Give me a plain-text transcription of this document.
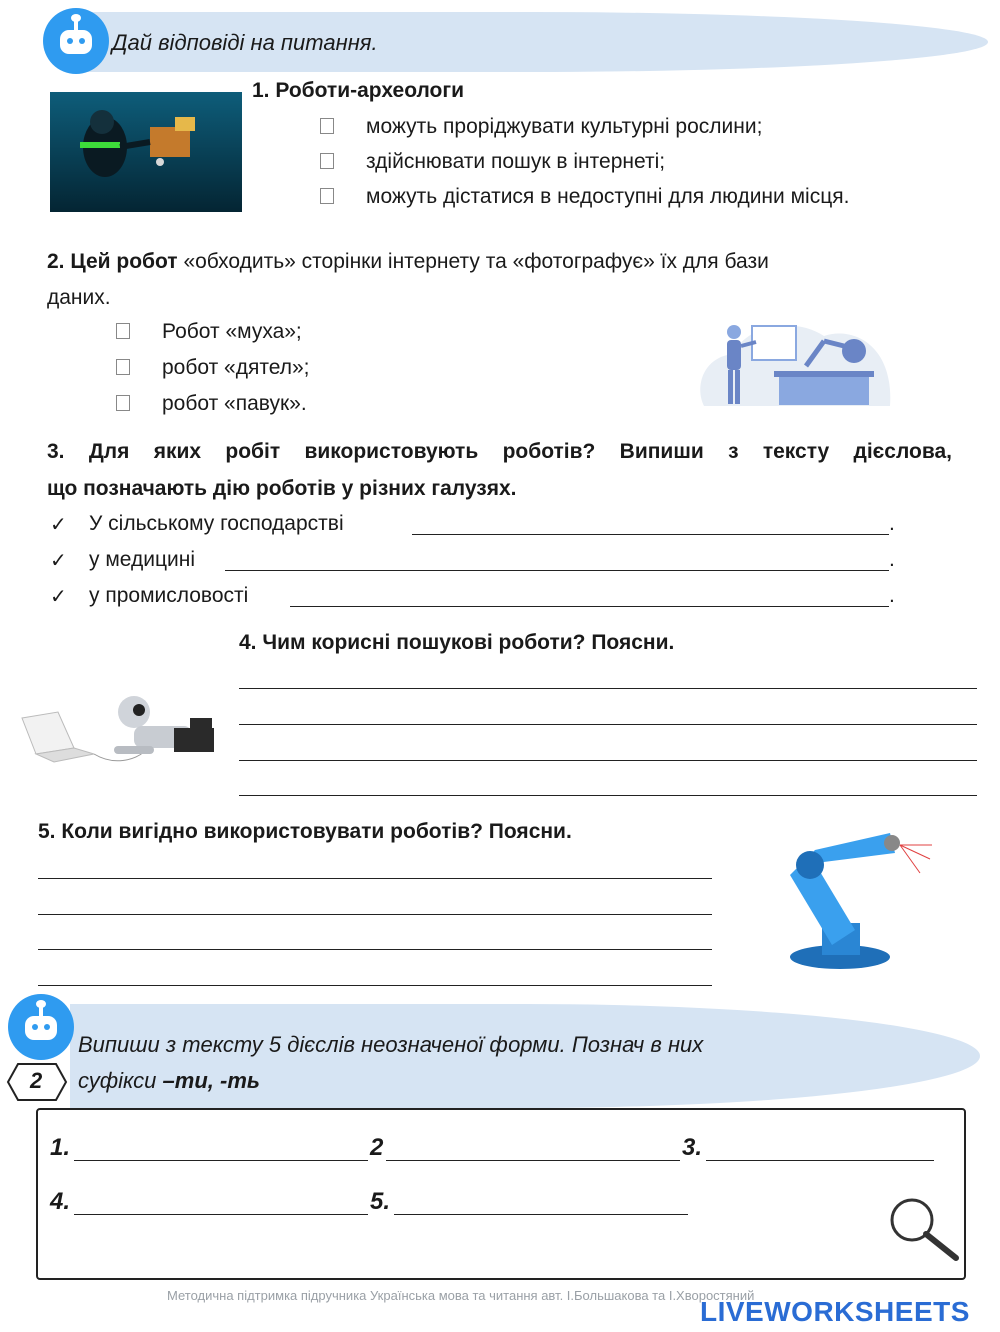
Дай відповіді на питання.
1. Роботи-археологи
можуть проріджувати культурні рослини;
здійснювати пошук в інтернеті;
можуть дістатися в недоступні для людини місця.
2. Цей робот «обходить» сторінки інтернету та «фотографує» їх для бази
даних.
Робот «муха»;
робот «дятел»;
робот «павук».
3. Для яких робіт використовують роботів? Випиши з тексту дієслова,
що позначають дію роботів у різних галузях.
✓ У сільському господарстві	.
✓ у медицині	.
✓ у промисловості	.
4. Чим корисні пошукові роботи? Поясни.
5. Коли вигідно використовувати роботів? Поясни.
2
Випиши з тексту 5 дієслів неозначеної форми. Познач в них
суфікси –ти, -ть
1.	2	3.
4.	5.
Методична підтримка підручника Українська мова та читання авт. І.Большакова та І.Хворостяний
LIVEWORKSHEETS
